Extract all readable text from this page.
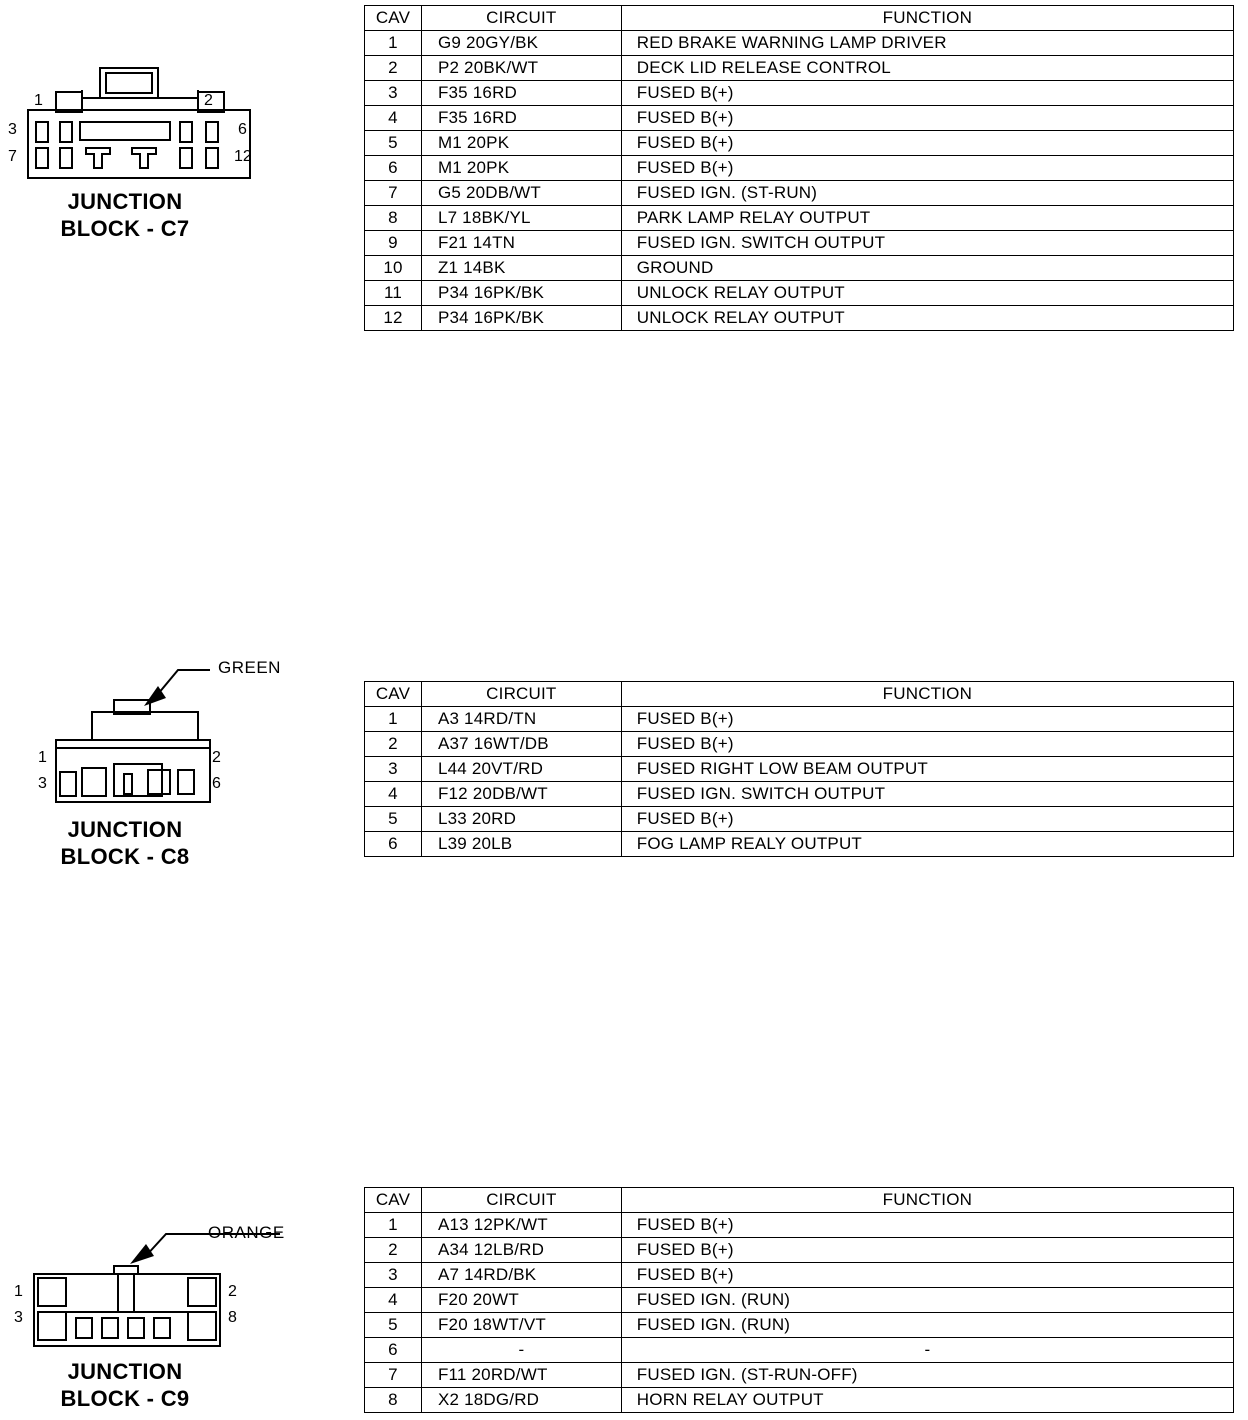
1	2
3	6
7	12
JUNCTION
BLOCK - C7
CAV	CIRCUIT	FUNCTION
1	G9 20GY/BK	RED BRAKE WARNING LAMP DRIVER
2	P2 20BK/WT	DECK LID RELEASE CONTROL
3	F35 16RD	FUSED B(+)
4	F35 16RD	FUSED B(+)
5	M1 20PK	FUSED B(+)
6	M1 20PK	FUSED B(+)
7	G5 20DB/WT	FUSED IGN. (ST-RUN)
8	L7 18BK/YL	PARK LAMP RELAY OUTPUT
9	F21 14TN	FUSED IGN. SWITCH OUTPUT
10	Z1 14BK	GROUND
11	P34 16PK/BK	UNLOCK RELAY OUTPUT
12	P34 16PK/BK	UNLOCK RELAY OUTPUT
GREEN
1	2
3	6
JUNCTION
BLOCK - C8
CAV	CIRCUIT	FUNCTION
1	A3 14RD/TN	FUSED B(+)
2	A37 16WT/DB	FUSED B(+)
3	L44 20VT/RD	FUSED RIGHT LOW BEAM OUTPUT
4	F12 20DB/WT	FUSED IGN. SWITCH OUTPUT
5	L33 20RD	FUSED B(+)
6	L39 20LB	FOG LAMP REALY OUTPUT
ORANGE
1	2
3	8
JUNCTION
BLOCK - C9
CAV	CIRCUIT	FUNCTION
1	A13 12PK/WT	FUSED B(+)
2	A34 12LB/RD	FUSED B(+)
3	A7 14RD/BK	FUSED B(+)
4	F20 20WT	FUSED IGN. (RUN)
5	F20 18WT/VT	FUSED IGN. (RUN)
6	-	-
7	F11 20RD/WT	FUSED IGN. (ST-RUN-OFF)
8	X2 18DG/RD	HORN RELAY OUTPUT
